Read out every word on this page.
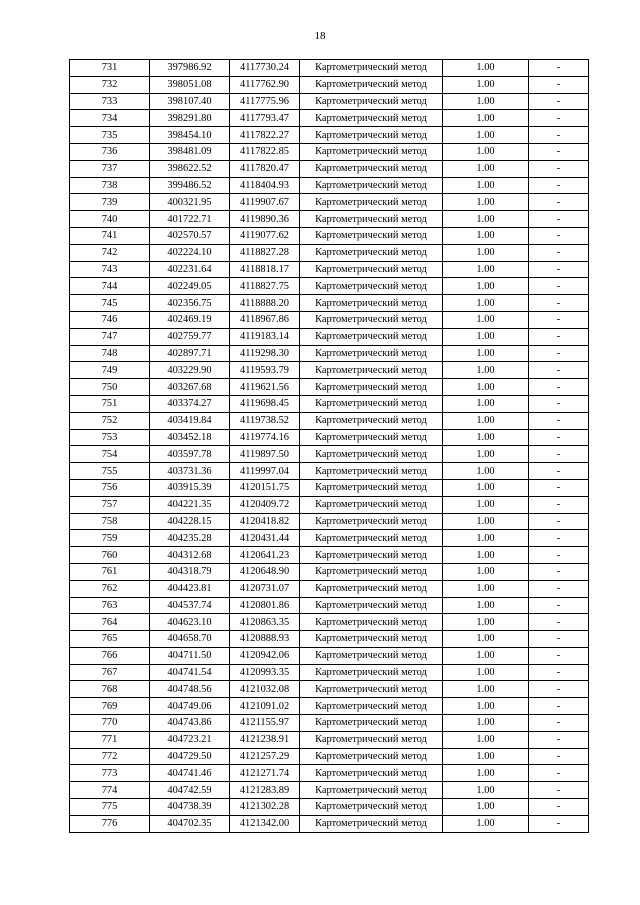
18
731	397986.92	4117730.24	Картометрический метод	1.00	-
732	398051.08	4117762.90	Картометрический метод	1.00	-
733	398107.40	4117775.96	Картометрический метод	1.00	-
734	398291.80	4117793.47	Картометрический метод	1.00	-
735	398454.10	4117822.27	Картометрический метод	1.00	-
736	398481.09	4117822.85	Картометрический метод	1.00	-
737	398622.52	4117820.47	Картометрический метод	1.00	-
738	399486.52	4118404.93	Картометрический метод	1.00	-
739	400321.95	4119907.67	Картометрический метод	1.00	-
740	401722.71	4119890.36	Картометрический метод	1.00	-
741	402570.57	4119077.62	Картометрический метод	1.00	-
742	402224.10	4118827.28	Картометрический метод	1.00	-
743	402231.64	4118818.17	Картометрический метод	1.00	-
744	402249.05	4118827.75	Картометрический метод	1.00	-
745	402356.75	4118888.20	Картометрический метод	1.00	-
746	402469.19	4118967.86	Картометрический метод	1.00	-
747	402759.77	4119183.14	Картометрический метод	1.00	-
748	402897.71	4119298.30	Картометрический метод	1.00	-
749	403229.90	4119593.79	Картометрический метод	1.00	-
750	403267.68	4119621.56	Картометрический метод	1.00	-
751	403374.27	4119698.45	Картометрический метод	1.00	-
752	403419.84	4119738.52	Картометрический метод	1.00	-
753	403452.18	4119774.16	Картометрический метод	1.00	-
754	403597.78	4119897.50	Картометрический метод	1.00	-
755	403731.36	4119997.04	Картометрический метод	1.00	-
756	403915.39	4120151.75	Картометрический метод	1.00	-
757	404221.35	4120409.72	Картометрический метод	1.00	-
758	404228.15	4120418.82	Картометрический метод	1.00	-
759	404235.28	4120431.44	Картометрический метод	1.00	-
760	404312.68	4120641.23	Картометрический метод	1.00	-
761	404318.79	4120648.90	Картометрический метод	1.00	-
762	404423.81	4120731.07	Картометрический метод	1.00	-
763	404537.74	4120801.86	Картометрический метод	1.00	-
764	404623.10	4120863.35	Картометрический метод	1.00	-
765	404658.70	4120888.93	Картометрический метод	1.00	-
766	404711.50	4120942.06	Картометрический метод	1.00	-
767	404741.54	4120993.35	Картометрический метод	1.00	-
768	404748.56	4121032.08	Картометрический метод	1.00	-
769	404749.06	4121091.02	Картометрический метод	1.00	-
770	404743.86	4121155.97	Картометрический метод	1.00	-
771	404723.21	4121238.91	Картометрический метод	1.00	-
772	404729.50	4121257.29	Картометрический метод	1.00	-
773	404741.46	4121271.74	Картометрический метод	1.00	-
774	404742.59	4121283.89	Картометрический метод	1.00	-
775	404738.39	4121302.28	Картометрический метод	1.00	-
776	404702.35	4121342.00	Картометрический метод	1.00	-
